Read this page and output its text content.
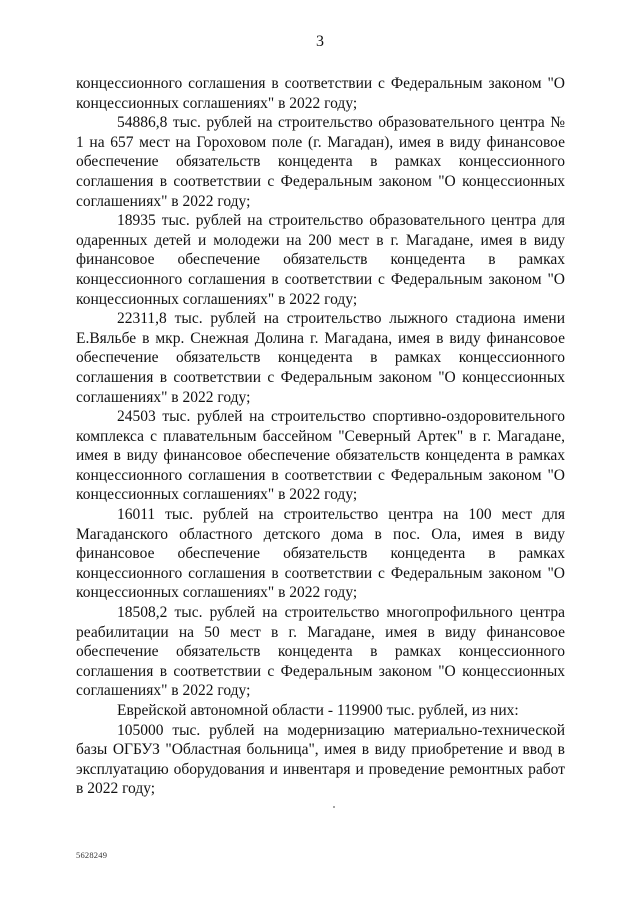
3

концессионного соглашения в соответствии с Федеральным законом "О концессионных соглашениях" в 2022 году;

54886,8 тыс. рублей на строительство образовательного центра № 1 на 657 мест на Гороховом поле (г. Магадан), имея в виду финансовое обеспечение обязательств концедента в рамках концессионного соглашения в соответствии с Федеральным законом "О концессионных соглашениях" в 2022 году;

18935 тыс. рублей на строительство образовательного центра для одаренных детей и молодежи на 200 мест в г. Магадане, имея в виду финансовое обеспечение обязательств концедента в рамках концессионного соглашения в соответствии с Федеральным законом "О концессионных соглашениях" в 2022 году;

22311,8 тыс. рублей на строительство лыжного стадиона имени Е.Вяльбе в мкр. Снежная Долина г. Магадана, имея в виду финансовое обеспечение обязательств концедента в рамках концессионного соглашения в соответствии с Федеральным законом "О концессионных соглашениях" в 2022 году;

24503 тыс. рублей на строительство спортивно-оздоровительного комплекса с плавательным бассейном "Северный Артек" в г. Магадане, имея в виду финансовое обеспечение обязательств концедента в рамках концессионного соглашения в соответствии с Федеральным законом "О концессионных соглашениях" в 2022 году;

16011 тыс. рублей на строительство центра на 100 мест для Магаданского областного детского дома в пос. Ола, имея в виду финансовое обеспечение обязательств концедента в рамках концессионного соглашения в соответствии с Федеральным законом "О концессионных соглашениях" в 2022 году;

18508,2 тыс. рублей на строительство многопрофильного центра реабилитации на 50 мест в г. Магадане, имея в виду финансовое обеспечение обязательств концедента в рамках концессионного соглашения в соответствии с Федеральным законом "О концессионных соглашениях" в 2022 году;

Еврейской автономной области - 119900 тыс. рублей, из них:

105000 тыс. рублей на модернизацию материально-технической базы ОГБУЗ "Областная больница", имея в виду приобретение и ввод в эксплуатацию оборудования и инвентаря и проведение ремонтных работ в 2022 году;

5628249
